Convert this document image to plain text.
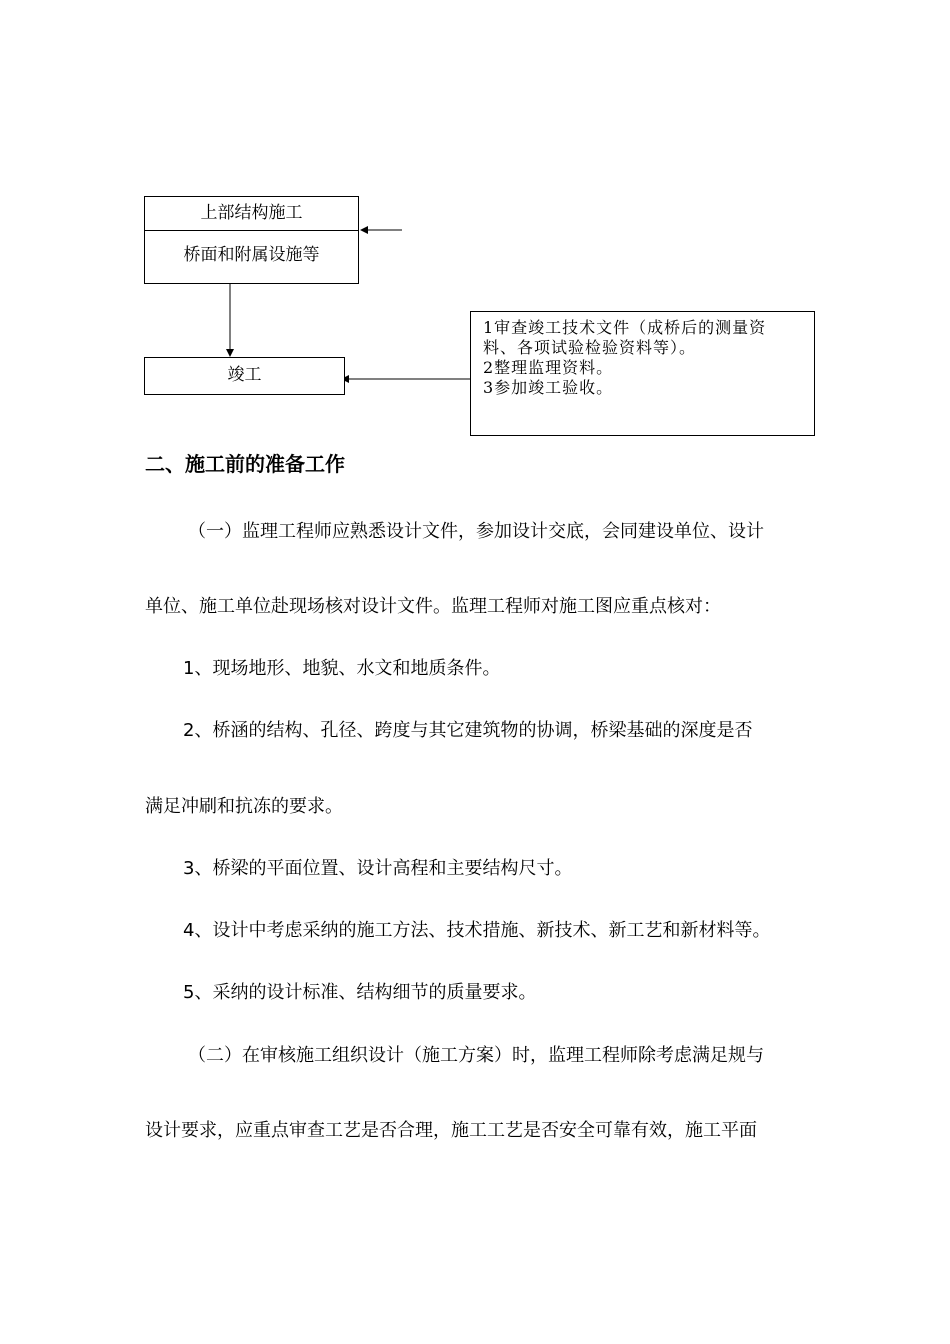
上部结构施工
桥面和附属设施等
竣工
1审查竣工技术文件（成桥后的测量资
料、各项试验检验资料等）。
2整理监理资料。
3参加竣工验收。
二、施工前的准备工作
（一）监理工程师应熟悉设计文件，参加设计交底，会同建设单位、设计
单位、施工单位赴现场核对设计文件。监理工程师对施工图应重点核对：
1、现场地形、地貌、水文和地质条件。
2、桥涵的结构、孔径、跨度与其它建筑物的协调，桥梁基础的深度是否
满足冲刷和抗冻的要求。
3、桥梁的平面位置、设计高程和主要结构尺寸。
4、设计中考虑采纳的施工方法、技术措施、新技术、新工艺和新材料等。
5、采纳的设计标准、结构细节的质量要求。
（二）在审核施工组织设计（施工方案）时，监理工程师除考虑满足规与
设计要求，应重点审查工艺是否合理，施工工艺是否安全可靠有效，施工平面
